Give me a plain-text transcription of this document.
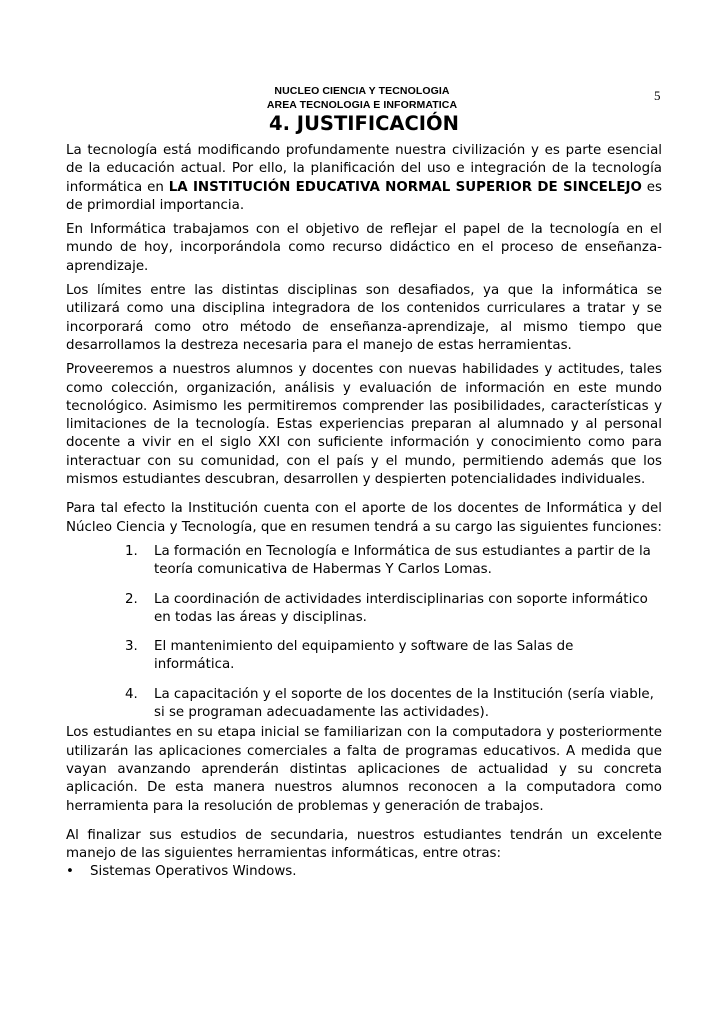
NUCLEO CIENCIA Y TECNOLOGIA
AREA TECNOLOGIA E INFORMATICA
5
4. JUSTIFICACIÓN

La tecnología está modificando profundamente nuestra civilización y es parte esencial de la educación actual. Por ello, la planificación del uso e integración de la tecnología informática en LA INSTITUCIÓN EDUCATIVA NORMAL SUPERIOR DE SINCELEJO es de primordial importancia.

En Informática trabajamos con el objetivo de reflejar el papel de la tecnología en el mundo de hoy, incorporándola como recurso didáctico en el proceso de enseñanza-aprendizaje.

Los límites entre las distintas disciplinas son desafiados, ya que la informática se utilizará como una disciplina integradora de los contenidos curriculares a tratar y se incorporará como otro método de enseñanza-aprendizaje, al mismo tiempo que desarrollamos la destreza necesaria para el manejo de estas herramientas.

Proveeremos a nuestros alumnos y docentes con nuevas habilidades y actitudes, tales como colección, organización, análisis y evaluación de información en este mundo tecnológico. Asimismo les permitiremos comprender las posibilidades, características y limitaciones de la tecnología. Estas experiencias preparan al alumnado y al personal docente a vivir en el siglo XXI con suficiente información y conocimiento como para interactuar con su comunidad, con el país y el mundo, permitiendo además que los mismos estudiantes descubran, desarrollen y despierten potencialidades individuales.

Para tal efecto la Institución cuenta con el aporte de los docentes de Informática y del Núcleo Ciencia y Tecnología, que en resumen tendrá a su cargo las siguientes funciones:

1. La formación en Tecnología e Informática de sus estudiantes a partir de la teoría comunicativa de Habermas Y Carlos Lomas.
2. La coordinación de actividades interdisciplinarias con soporte informático en todas las áreas y disciplinas.
3. El mantenimiento del equipamiento y software de las Salas de informática.
4. La capacitación y el soporte de los docentes de la Institución (sería viable, si se programan adecuadamente las actividades).

Los estudiantes en su etapa inicial se familiarizan con la computadora y posteriormente utilizarán las aplicaciones comerciales a falta de programas educativos. A medida que vayan avanzando aprenderán distintas aplicaciones de actualidad y su concreta aplicación. De esta manera nuestros alumnos reconocen a la computadora como herramienta para la resolución de problemas y generación de trabajos.

Al finalizar sus estudios de secundaria, nuestros estudiantes tendrán un excelente manejo de las siguientes herramientas informáticas, entre otras:

• Sistemas Operativos Windows.
